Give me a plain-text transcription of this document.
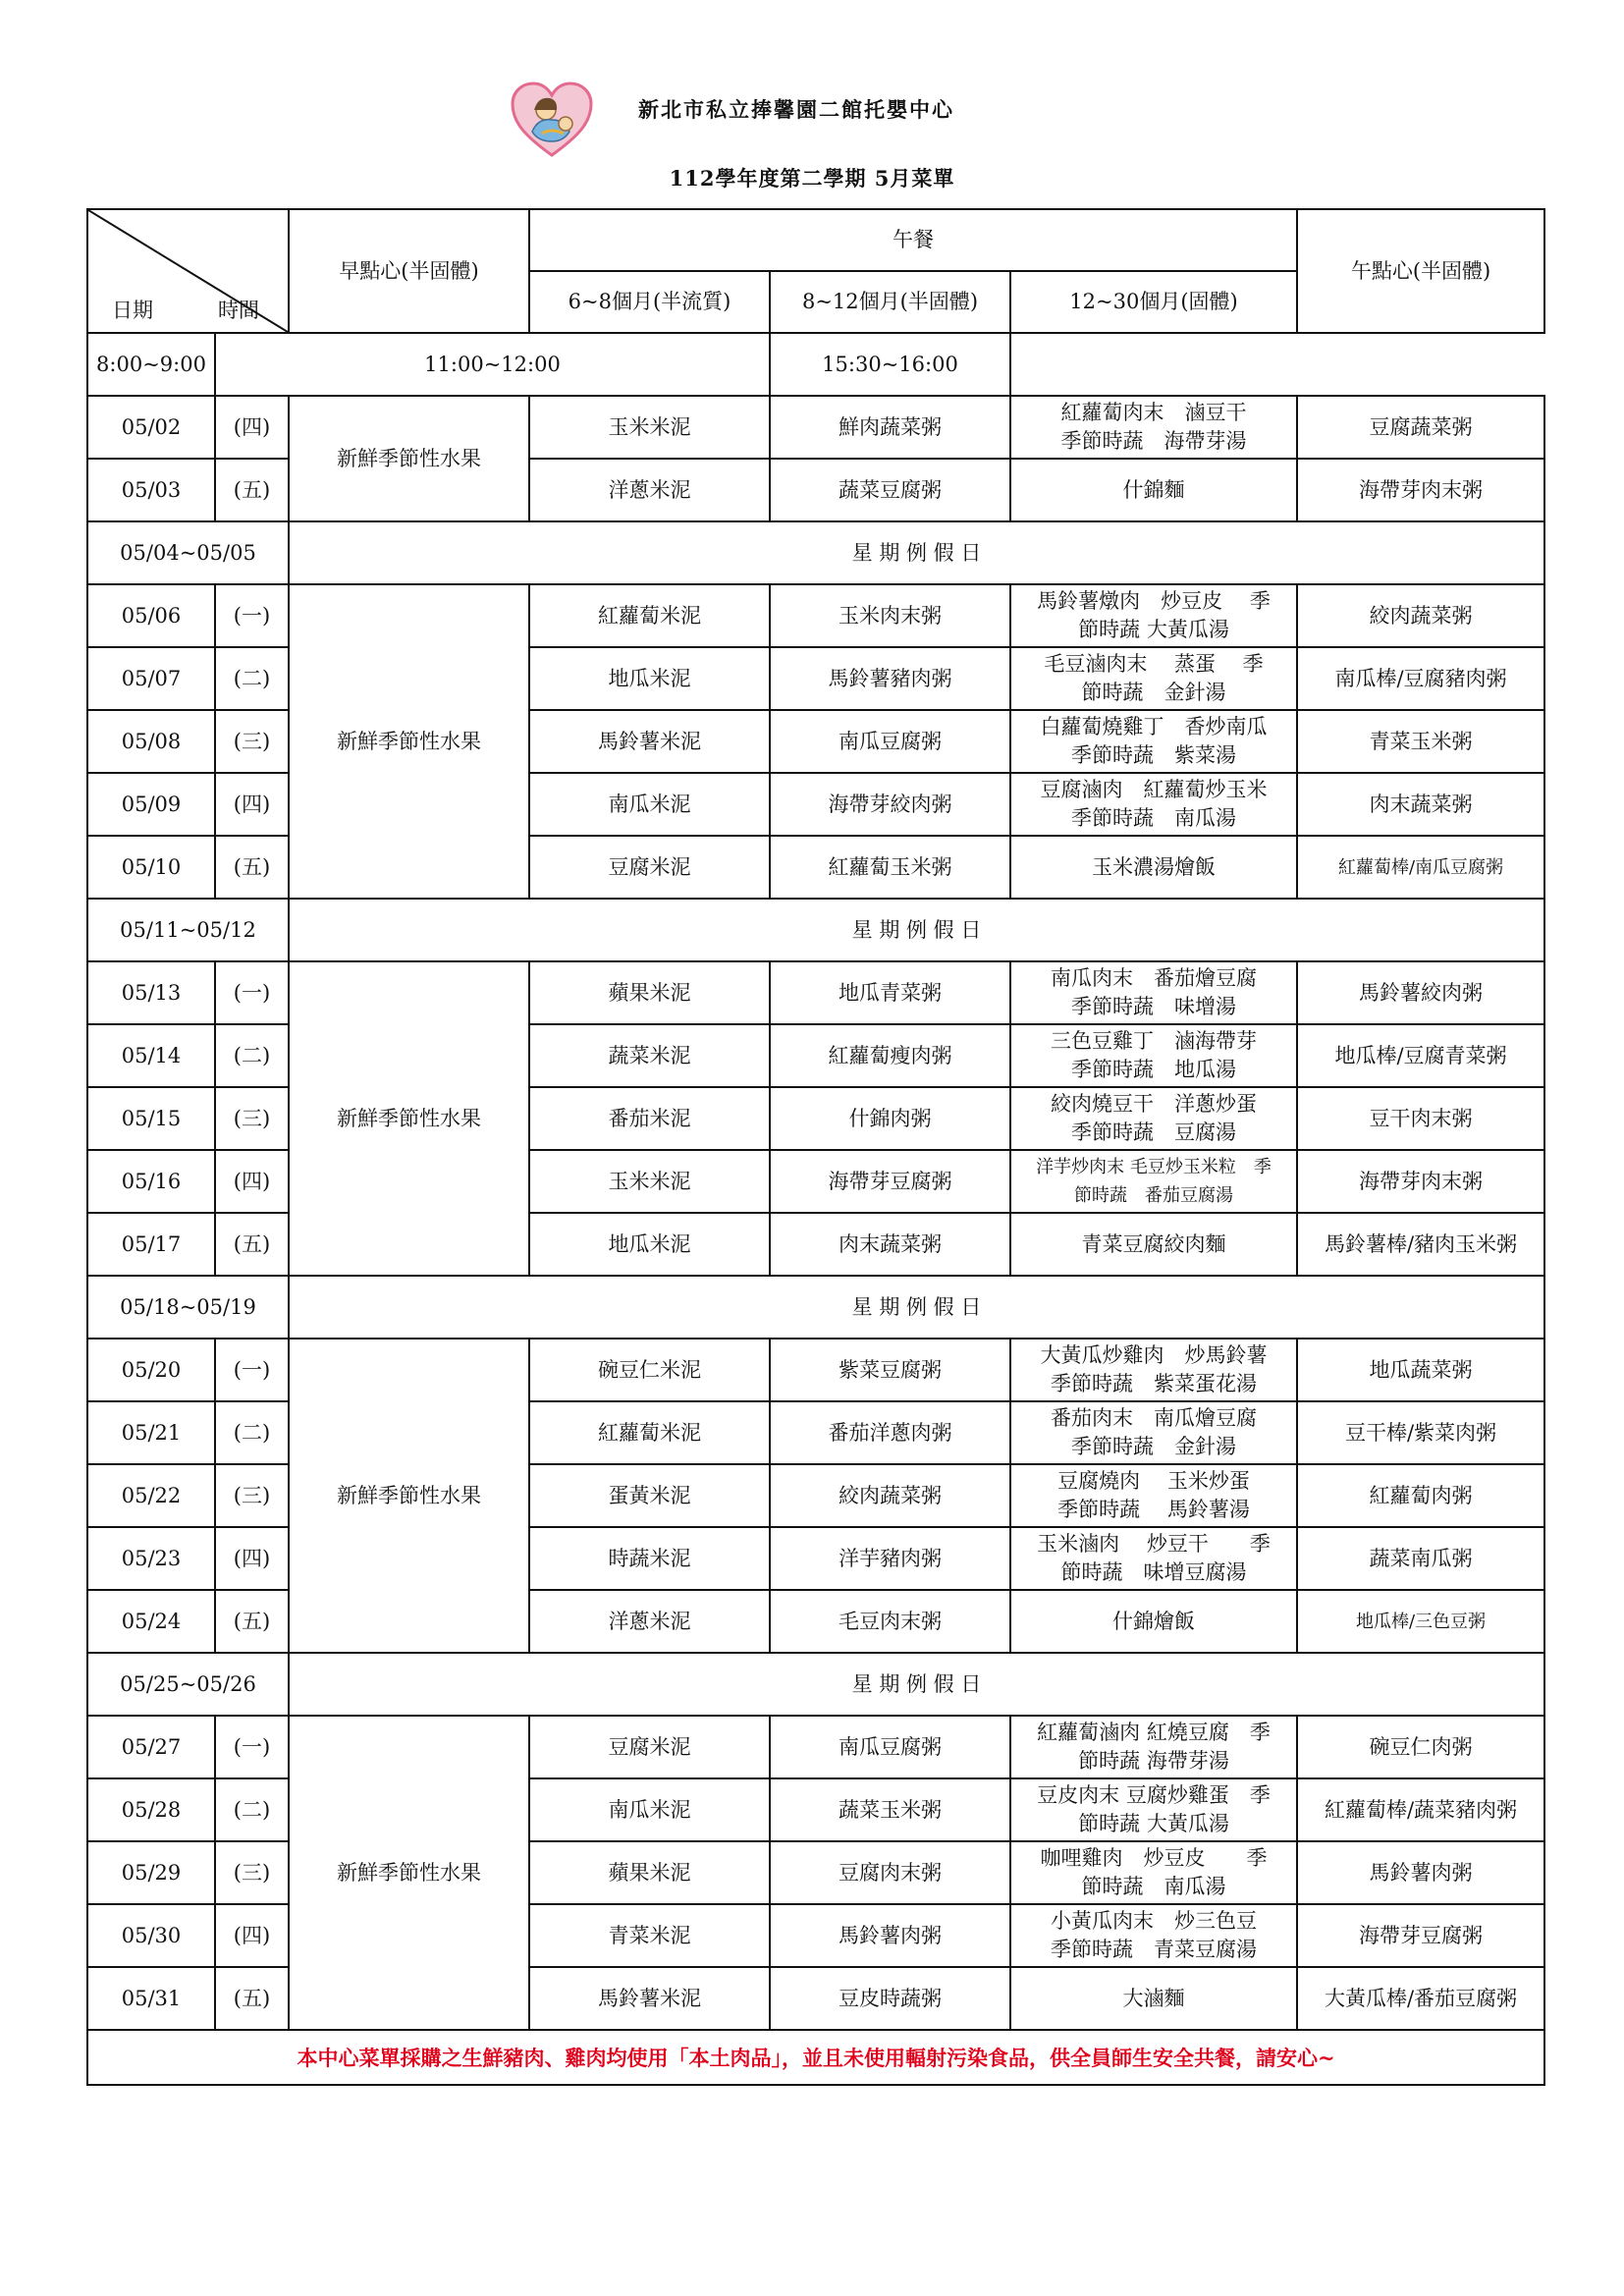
新北市私立捧馨園二館托嬰中心
112學年度第二學期 5月菜單
日期 時間		早點心(半固體)	午餐			午點心(半固體)
			6~8個月(半流質)	8~12個月(半固體)	12~30個月(固體)	
8:00~9:00	11:00~12:00			15:30~16:00		
05/02	(四)	新鮮季節性水果	玉米米泥	鮮肉蔬菜粥	紅蘿蔔肉末　滷豆干
季節時蔬　海帶芽湯	豆腐蔬菜粥
05/03	(五)		洋蔥米泥	蔬菜豆腐粥	什錦麵	海帶芽肉末粥
05/04~05/05		星 期 例 假 日				
05/06	(一)	新鮮季節性水果	紅蘿蔔米泥	玉米肉末粥	馬鈴薯燉肉　炒豆皮　 季
節時蔬 大黃瓜湯	絞肉蔬菜粥
05/07	(二)		地瓜米泥	馬鈴薯豬肉粥	毛豆滷肉末　 蒸蛋　 季
節時蔬　金針湯	南瓜棒/豆腐豬肉粥
05/08	(三)		馬鈴薯米泥	南瓜豆腐粥	白蘿蔔燒雞丁　香炒南瓜
季節時蔬　紫菜湯	青菜玉米粥
05/09	(四)		南瓜米泥	海帶芽絞肉粥	豆腐滷肉　紅蘿蔔炒玉米
季節時蔬　南瓜湯	肉末蔬菜粥
05/10	(五)		豆腐米泥	紅蘿蔔玉米粥	玉米濃湯燴飯	紅蘿蔔棒/南瓜豆腐粥
05/11~05/12		星 期 例 假 日				
05/13	(一)	新鮮季節性水果	蘋果米泥	地瓜青菜粥	南瓜肉末　番茄燴豆腐
季節時蔬　味增湯	馬鈴薯絞肉粥
05/14	(二)		蔬菜米泥	紅蘿蔔瘦肉粥	三色豆雞丁　滷海帶芽
季節時蔬　地瓜湯	地瓜棒/豆腐青菜粥
05/15	(三)		番茄米泥	什錦肉粥	絞肉燒豆干　洋蔥炒蛋
季節時蔬　豆腐湯	豆干肉末粥
05/16	(四)		玉米米泥	海帶芽豆腐粥	洋芋炒肉末 毛豆炒玉米粒　季
節時蔬　番茄豆腐湯	海帶芽肉末粥
05/17	(五)		地瓜米泥	肉末蔬菜粥	青菜豆腐絞肉麵	馬鈴薯棒/豬肉玉米粥
05/18~05/19		星 期 例 假 日				
05/20	(一)	新鮮季節性水果	碗豆仁米泥	紫菜豆腐粥	大黃瓜炒雞肉　炒馬鈴薯
季節時蔬　紫菜蛋花湯	地瓜蔬菜粥
05/21	(二)		紅蘿蔔米泥	番茄洋蔥肉粥	番茄肉末　南瓜燴豆腐
季節時蔬　金針湯	豆干棒/紫菜肉粥
05/22	(三)		蛋黃米泥	絞肉蔬菜粥	豆腐燒肉　 玉米炒蛋
季節時蔬　 馬鈴薯湯	紅蘿蔔肉粥
05/23	(四)		時蔬米泥	洋芋豬肉粥	玉米滷肉　 炒豆干　　季
節時蔬　味增豆腐湯	蔬菜南瓜粥
05/24	(五)		洋蔥米泥	毛豆肉末粥	什錦燴飯	地瓜棒/三色豆粥
05/25~05/26		星 期 例 假 日				
05/27	(一)	新鮮季節性水果	豆腐米泥	南瓜豆腐粥	紅蘿蔔滷肉 紅燒豆腐　季
節時蔬 海帶芽湯	碗豆仁肉粥
05/28	(二)		南瓜米泥	蔬菜玉米粥	豆皮肉末 豆腐炒雞蛋　季
節時蔬 大黃瓜湯	紅蘿蔔棒/蔬菜豬肉粥
05/29	(三)		蘋果米泥	豆腐肉末粥	咖哩雞肉　炒豆皮　　季
節時蔬　南瓜湯	馬鈴薯肉粥
05/30	(四)		青菜米泥	馬鈴薯肉粥	小黃瓜肉末　炒三色豆
季節時蔬　青菜豆腐湯	海帶芽豆腐粥
05/31	(五)		馬鈴薯米泥	豆皮時蔬粥	大滷麵	大黃瓜棒/番茄豆腐粥
本中心菜單採購之生鮮豬肉、雞肉均使用「本土肉品」，並且未使用輻射污染食品，供全員師生安全共餐，請安心~						
